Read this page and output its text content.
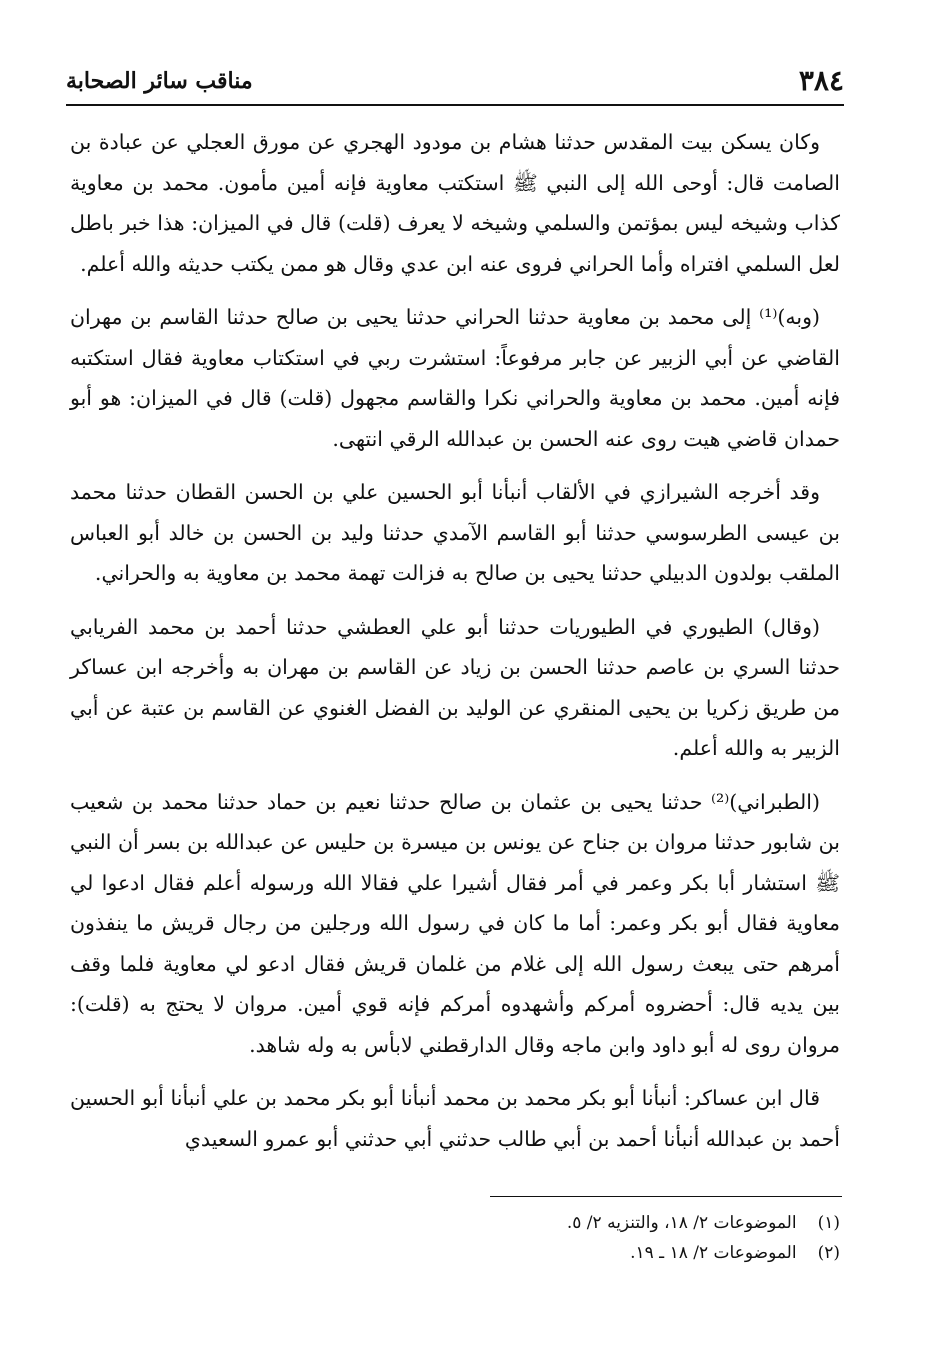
٣٨٤
مناقب سائر الصحابة

وكان يسكن بيت المقدس حدثنا هشام بن مودود الهجري عن مورق العجلي عن عبادة بن الصامت قال: أوحى الله إلى النبي ﷺ استكتب معاوية فإنه أمين مأمون. محمد بن معاوية كذاب وشيخه ليس بمؤتمن والسلمي وشيخه لا يعرف (قلت) قال في الميزان: هذا خبر باطل لعل السلمي افتراه وأما الحراني فروى عنه ابن عدي وقال هو ممن يكتب حديثه والله أعلم.

(وبه)⁽¹⁾ إلى محمد بن معاوية حدثنا الحراني حدثنا يحيى بن صالح حدثنا القاسم بن مهران القاضي عن أبي الزبير عن جابر مرفوعاً: استشرت ربي في استكتاب معاوية فقال استكتبه فإنه أمين. محمد بن معاوية والحراني نكرا والقاسم مجهول (قلت) قال في الميزان: هو أبو حمدان قاضي هيت روى عنه الحسن بن عبدالله الرقي انتهى.

وقد أخرجه الشيرازي في الألقاب أنبأنا أبو الحسين علي بن الحسن القطان حدثنا محمد بن عيسى الطرسوسي حدثنا أبو القاسم الآمدي حدثنا وليد بن الحسن بن خالد أبو العباس الملقب بولدون الدبيلي حدثنا يحيى بن صالح به فزالت تهمة محمد بن معاوية به والحراني.

(وقال) الطيوري في الطيوريات حدثنا أبو علي العطشي حدثنا أحمد بن محمد الفريابي حدثنا السري بن عاصم حدثنا الحسن بن زياد عن القاسم بن مهران به وأخرجه ابن عساكر من طريق زكريا بن يحيى المنقري عن الوليد بن الفضل الغنوي عن القاسم بن عتبة عن أبي الزبير به والله أعلم.

(الطبراني)⁽²⁾ حدثنا يحيى بن عثمان بن صالح حدثنا نعيم بن حماد حدثنا محمد بن شعيب بن شابور حدثنا مروان بن جناح عن يونس بن ميسرة بن حليس عن عبدالله بن بسر أن النبي ﷺ استشار أبا بكر وعمر في أمر فقال أشيرا علي فقالا الله ورسوله أعلم فقال ادعوا لي معاوية فقال أبو بكر وعمر: أما ما كان في رسول الله ورجلين من رجال قريش ما ينفذون أمرهم حتى يبعث رسول الله إلى غلام من غلمان قريش فقال ادعو لي معاوية فلما وقف بين يديه قال: أحضروه أمركم وأشهدوه أمركم فإنه قوي أمين. مروان لا يحتج به (قلت): مروان روى له أبو داود وابن ماجه وقال الدارقطني لابأس به وله شاهد.

قال ابن عساكر: أنبأنا أبو بكر محمد بن محمد أنبأنا أبو بكر محمد بن علي أنبأنا أبو الحسين أحمد بن عبدالله أنبأنا أحمد بن أبي طالب حدثني أبي حدثني أبو عمرو السعيدي

(١) الموضوعات ٢/ ١٨، والتنزيه ٢/ ٥.

(٢) الموضوعات ٢/ ١٨ ـ ١٩.
